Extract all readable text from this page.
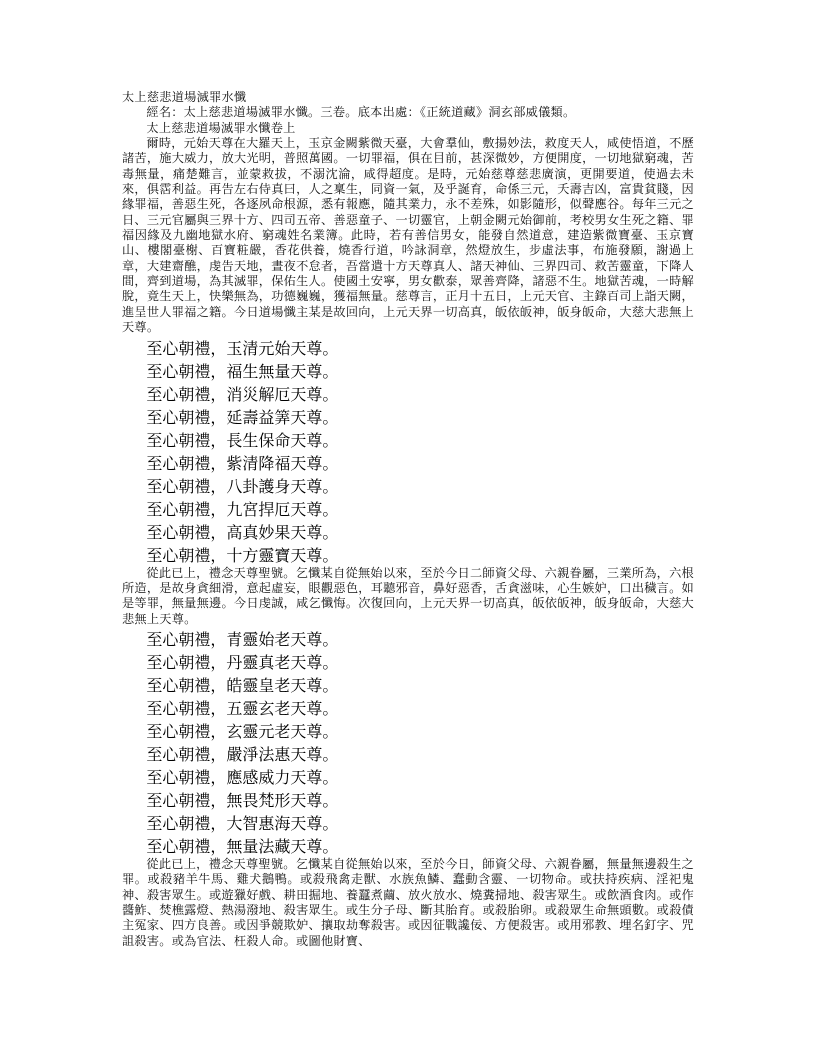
太上慈悲道場滅罪水懺
經名：太上慈悲道場滅罪水懺。三卷。底本出處：《正統道藏》洞玄部威儀類。
太上慈悲道場滅罪水懺卷上
爾時，元始天尊在大羅天上，玉京金闕紫微天臺，大會羣仙，敷揚妙法，救度天人，咸使悟道，不歷諸苦，施大威力，放大光明，普照萬國。一切罪福，俱在目前，甚深微妙，方便開度，一切地獄窮魂，苦毒無量，痛楚難言，並蒙救拔，不溺沈淪，咸得超度。是時，元始慈尊慈悲廣演，更開要道，使過去未來，俱霑利益。再告左右侍真曰，人之稟生，同資一氣，及乎誕育，命係三元，夭壽吉凶，富貴貧賤，因緣罪福，善惡生死，各逐夙命根源，悉有報應，隨其業力，永不差殊，如影隨形，似聲應谷。每年三元之日、三元官屬與三界十方、四司五帝、善惡童子、一切靈官，上朝金闕元始御前，考校男女生死之籍、罪福因緣及九幽地獄水府、窮魂姓名業簿。此時，若有善信男女，能發自然道意，建造紫微寶臺、玉京寶山、樓閣臺榭、百寶粧嚴，香花供養，燒香行道，吟詠洞章，然燈放生，步虛法事，布施發願，謝過上章，大建齋醮，虔告天地，晝夜不怠者，吾當遣十方天尊真人、諸天神仙、三界四司、救苦靈童，下降人間，齊到道場，為其滅罪，保佑生人。使國土安寧，男女歡泰，眾善齊降，諸惡不生。地獄苦魂，一時解脫，竟生天上，快樂無為，功德巍巍，獲福無量。慈尊言，正月十五日，上元天官、主錄百司上詣天闕，進呈世人罪福之籍。今日道場懺主某是故回向，上元天界一切高真，皈依皈神，皈身皈命，大慈大悲無上天尊。
至心朝禮，玉清元始天尊。
至心朝禮，福生無量天尊。
至心朝禮，消災解厄天尊。
至心朝禮，延壽益筭天尊。
至心朝禮，長生保命天尊。
至心朝禮，紫清降福天尊。
至心朝禮，八卦護身天尊。
至心朝禮，九宮捍厄天尊。
至心朝禮，高真妙果天尊。
至心朝禮，十方靈寶天尊。
從此已上，禮念天尊聖號。乞懺某自從無始以來，至於今日二師資父母、六親眷屬，三業所為，六根所造，是故身貪細滑，意起虛妄，眼觀惡色，耳聽邪音，鼻好惡香，舌貪滋味，心生嫉妒，口出穢言。如是等罪，無量無邊。今日虔誠，咸乞懺悔。次復回向，上元天界一切高真，皈依皈神，皈身皈命，大慈大悲無上天尊。
至心朝禮，青靈始老天尊。
至心朝禮，丹靈真老天尊。
至心朝禮，皓靈皇老天尊。
至心朝禮，五靈玄老天尊。
至心朝禮，玄靈元老天尊。
至心朝禮，嚴淨法惠天尊。
至心朝禮，應感威力天尊。
至心朝禮，無畏梵形天尊。
至心朝禮，大智惠海天尊。
至心朝禮，無量法藏天尊。
從此已上，禮念天尊聖號。乞懺某自從無始以來，至於今日，師資父母、六親眷屬，無量無邊殺生之罪。或殺豬羊牛馬、雞犬鵝鴨。或殺飛禽走獸、水族魚鱗、蠢動含靈、一切物命。或扶持疾病、淫祀鬼神、殺害眾生。或遊獵好戲、耕田掘地、養蠶煮繭、放火放水、燒糞掃地、殺害眾生。或飲酒食肉。或作醬鮓、焚樵露燈、熱湯潑地、殺害眾生。或生分子母、斷其胎育。或殺胎卵。或殺眾生命無頭數。或殺債主冤家、四方良善。或因爭競欺妒、攘取劫奪殺害。或因征戰讒佞、方便殺害。或用邪教、埋名釘字、咒詛殺害。或為官法、枉殺人命。或圖他財寶、
